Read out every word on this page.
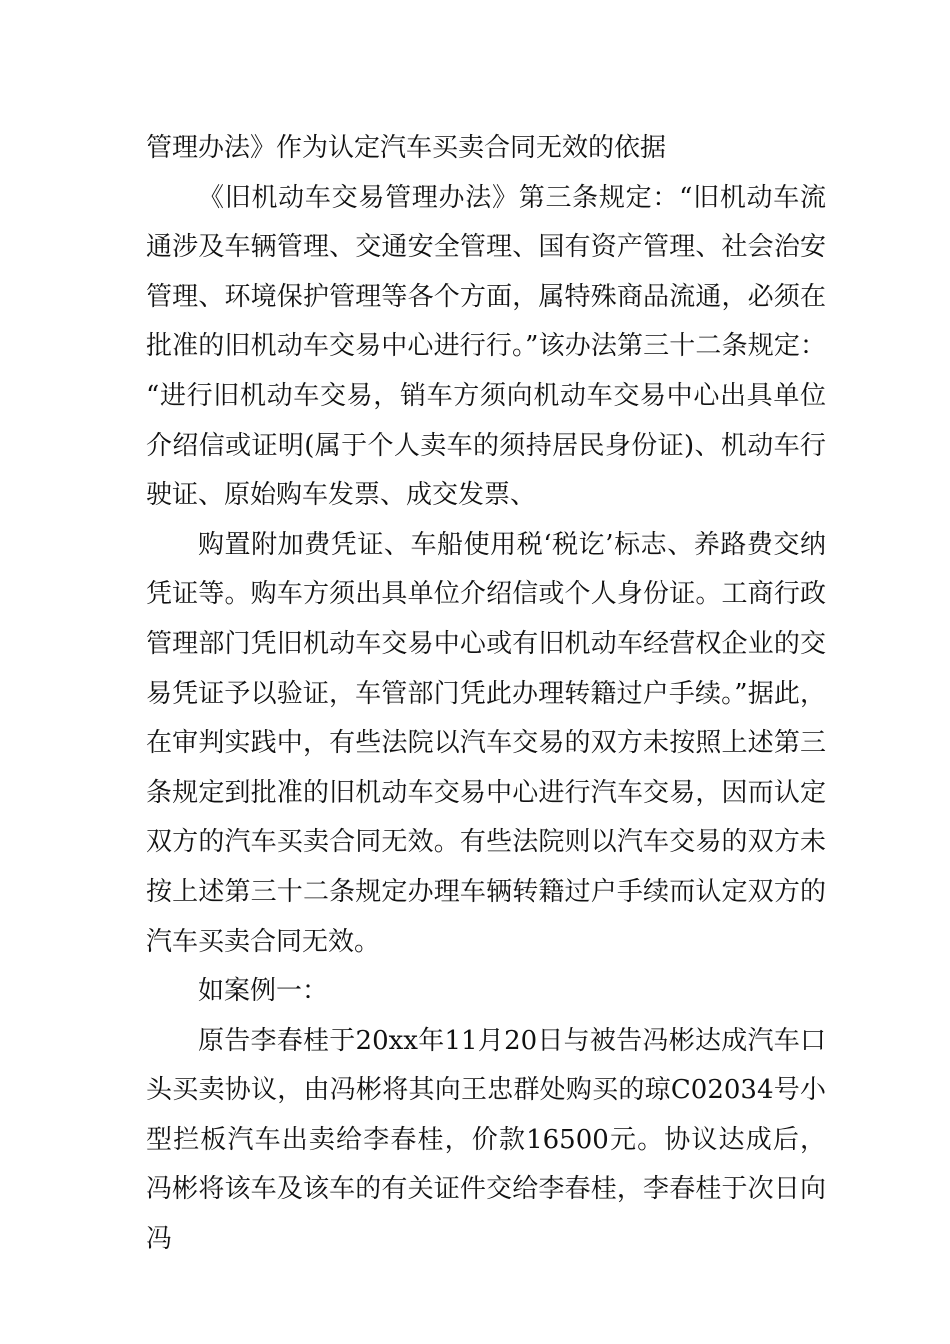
管理办法》作为认定汽车买卖合同无效的依据

《旧机动车交易管理办法》第三条规定：“旧机动车流通涉及车辆管理、交通安全管理、国有资产管理、社会治安管理、环境保护管理等各个方面，属特殊商品流通，必须在批准的旧机动车交易中心进行行。”该办法第三十二条规定：“进行旧机动车交易，销车方须向机动车交易中心出具单位介绍信或证明(属于个人卖车的须持居民身份证)、机动车行驶证、原始购车发票、成交发票、

购置附加费凭证、车船使用税‘税讫’标志、养路费交纳凭证等。购车方须出具单位介绍信或个人身份证。工商行政管理部门凭旧机动车交易中心或有旧机动车经营权企业的交易凭证予以验证，车管部门凭此办理转籍过户手续。”据此，在审判实践中，有些法院以汽车交易的双方未按照上述第三条规定到批准的旧机动车交易中心进行汽车交易，因而认定双方的汽车买卖合同无效。有些法院则以汽车交易的双方未按上述第三十二条规定办理车辆转籍过户手续而认定双方的汽车买卖合同无效。

如案例一：

原告李春桂于20xx年11月20日与被告冯彬达成汽车口头买卖协议，由冯彬将其向王忠群处购买的琼C02034号小型拦板汽车出卖给李春桂，价款16500元。协议达成后，冯彬将该车及该车的有关证件交给李春桂，李春桂于次日向冯
